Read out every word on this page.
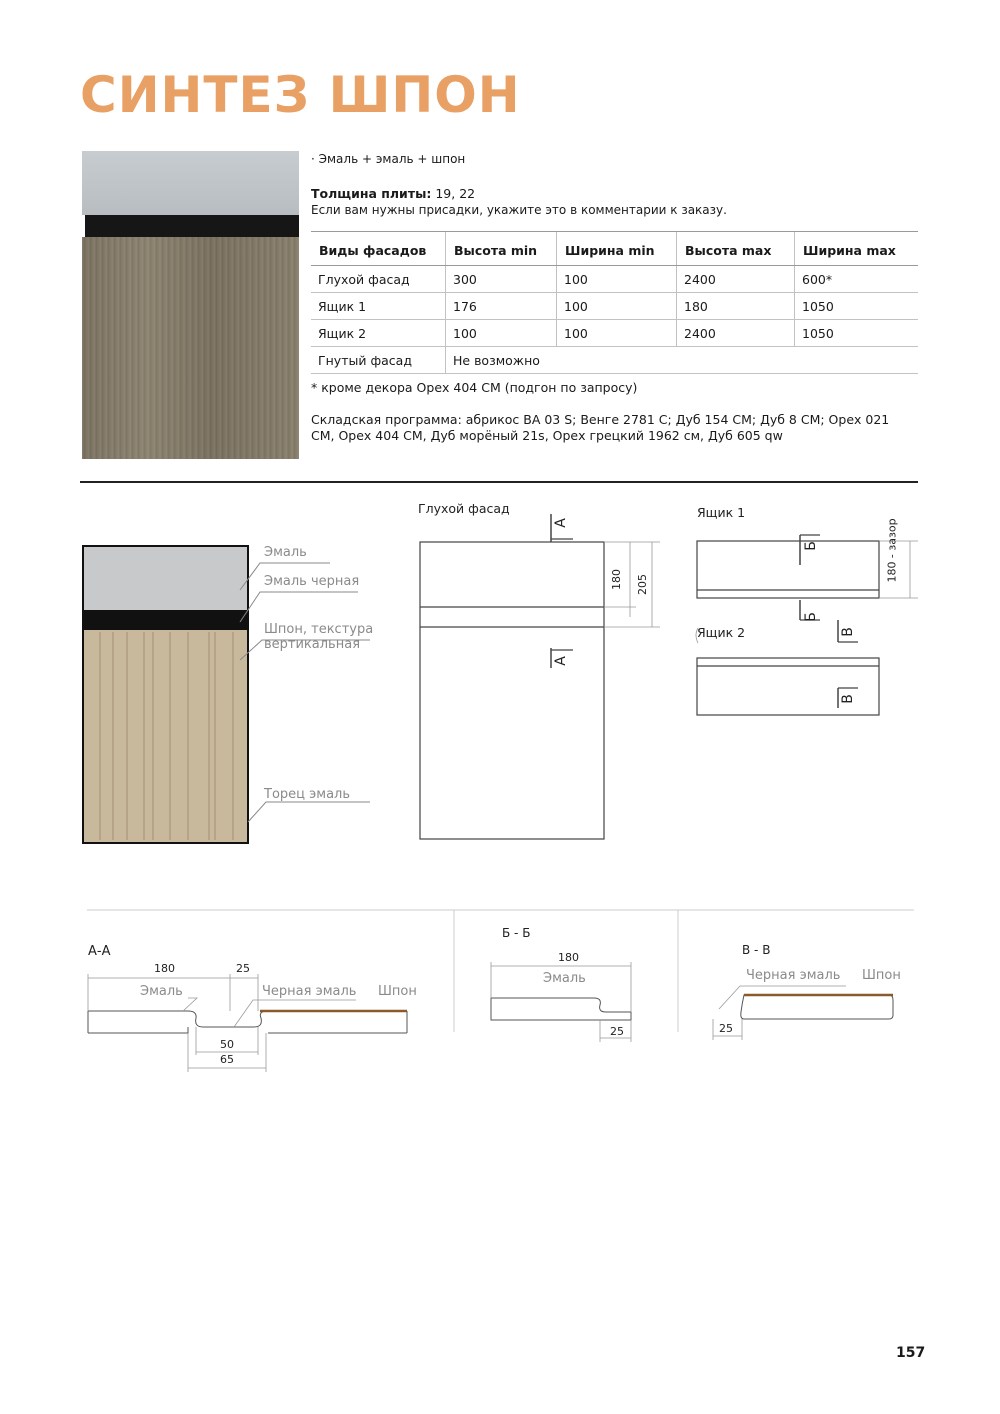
СИНТЕЗ ШПОН
· Эмаль + эмаль + шпон
Толщина плиты: 19, 22
Если вам нужны присадки, укажите это в комментарии к заказу.
Виды фасадов	Высота min	Ширина min	Высота max	Ширина max
Глухой фасад	300	100	2400	600*
Ящик 1	176	100	180	1050
Ящик 2	100	100	2400	1050
Гнутый фасад	Не возможно			
* кроме декора Орех 404 СМ (подгон по запросу)
Складская программа: абрикос BA 03 S; Венге 2781 С; Дуб 154 СМ; Дуб 8 СМ; Орех 021 СМ, Орех 404 СМ, Дуб морёный 21s, Орех грецкий 1962 см, Дуб 605 qw
Эмаль
Эмаль черная
Шпон, текстура
вертикальная
Торец эмаль
Глухой фасад	Ящик 1
Ящик 2
А
А
Б
Б
В
В
180 205
180 - зазор
А-А
180	25
Эмаль	Черная эмаль Шпон
50
65
Б - Б
180
Эмаль
25
В - В
Черная эмаль Шпон
25
157
